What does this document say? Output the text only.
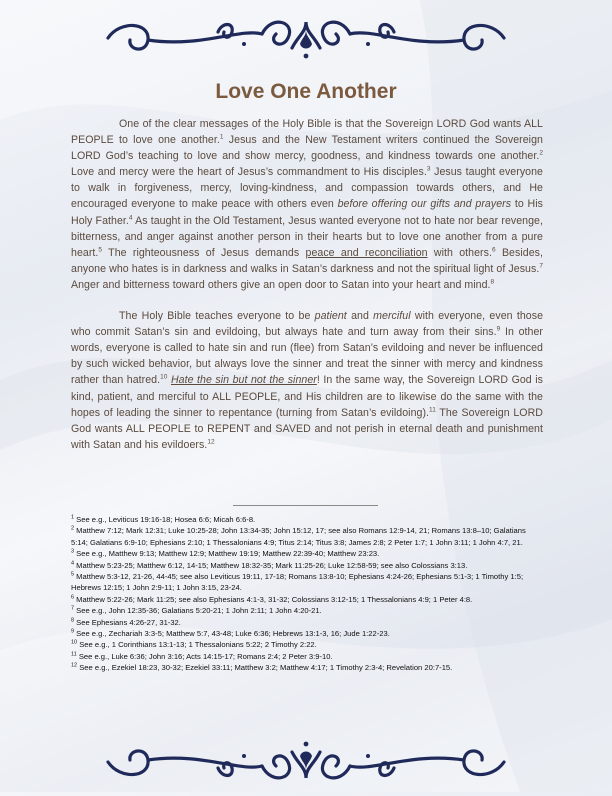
Love One Another

One of the clear messages of the Holy Bible is that the Sovereign LORD God wants ALL PEOPLE to love one another.$^1$ Jesus and the New Testament writers continued the Sovereign LORD God’s teaching to love and show mercy, goodness, and kindness towards one another.$^2$ Love and mercy were the heart of Jesus’s commandment to His disciples.$^3$ Jesus taught everyone to walk in forgiveness, mercy, loving-kindness, and compassion towards others, and He encouraged everyone to make peace with others even before offering our gifts and prayers to His Holy Father.$^4$ As taught in the Old Testament, Jesus wanted everyone not to hate nor bear revenge, bitterness, and anger against another person in their hearts but to love one another from a pure heart.$^5$ The righteousness of Jesus demands peace and reconciliation with others.$^6$ Besides, anyone who hates is in darkness and walks in Satan’s darkness and not the spiritual light of Jesus.$^7$ Anger and bitterness toward others give an open door to Satan into your heart and mind.$^8$

The Holy Bible teaches everyone to be patient and merciful with everyone, even those who commit Satan’s sin and evildoing, but always hate and turn away from their sins.$^9$ In other words, everyone is called to hate sin and run (flee) from Satan’s evildoing and never be influenced by such wicked behavior, but always love the sinner and treat the sinner with mercy and kindness rather than hatred.$^{10}$ Hate the sin but not the sinner! In the same way, the Sovereign LORD God is kind, patient, and merciful to ALL PEOPLE, and His children are to likewise do the same with the hopes of leading the sinner to repentance (turning from Satan’s evildoing).$^{11}$ The Sovereign LORD God wants ALL PEOPLE to REPENT and SAVED and not perish in eternal death and punishment with Satan and his evildoers.$^{12}$

$^1$ See e.g., Leviticus 19:16-18; Hosea 6:6; Micah 6:6-8.

$^2$ Matthew 7:12; Mark 12:31; Luke 10:25-28; John 13:34-35; John 15:12, 17; see also Romans 12:9-14, 21; Romans 13:8–10; Galatians 5:14; Galatians 6:9-10; Ephesians 2:10; 1 Thessalonians 4:9; Titus 2:14; Titus 3:8; James 2:8; 2 Peter 1:7; 1 John 3:11; 1 John 4:7, 21.

$^3$ See e.g., Matthew 9:13; Matthew 12:9; Matthew 19:19; Matthew 22:39-40; Matthew 23:23.

$^4$ Matthew 5:23-25; Matthew 6:12, 14-15; Matthew 18:32-35; Mark 11:25-26; Luke 12:58-59; see also Colossians 3:13.

$^5$ Matthew 5:3-12, 21-26, 44-45; see also Leviticus 19:11, 17-18; Romans 13:8-10; Ephesians 4:24-26; Ephesians 5:1-3; 1 Timothy 1:5; Hebrews 12:15; 1 John 2:9-11; 1 John 3:15, 23-24.

$^6$ Matthew 5:22-26; Mark 11:25; see also Ephesians 4:1-3, 31-32; Colossians 3:12-15; 1 Thessalonians 4:9; 1 Peter 4:8.

$^7$ See e.g., John 12:35-36; Galatians 5:20-21; 1 John 2:11; 1 John 4:20-21.

$^8$ See Ephesians 4:26-27, 31-32.

$^9$ See e.g., Zechariah 3:3-5; Matthew 5:7, 43-48; Luke 6:36; Hebrews 13:1-3, 16; Jude 1:22-23.

$^{10}$ See e.g., 1 Corinthians 13:1-13; 1 Thessalonians 5:22; 2 Timothy 2:22.

$^{11}$ See e.g., Luke 6:36; John 3:16; Acts 14:15-17; Romans 2:4; 2 Peter 3:9-10.

$^{12}$ See e.g., Ezekiel 18:23, 30-32; Ezekiel 33:11; Matthew 3:2; Matthew 4:17; 1 Timothy 2:3-4; Revelation 20:7-15.
